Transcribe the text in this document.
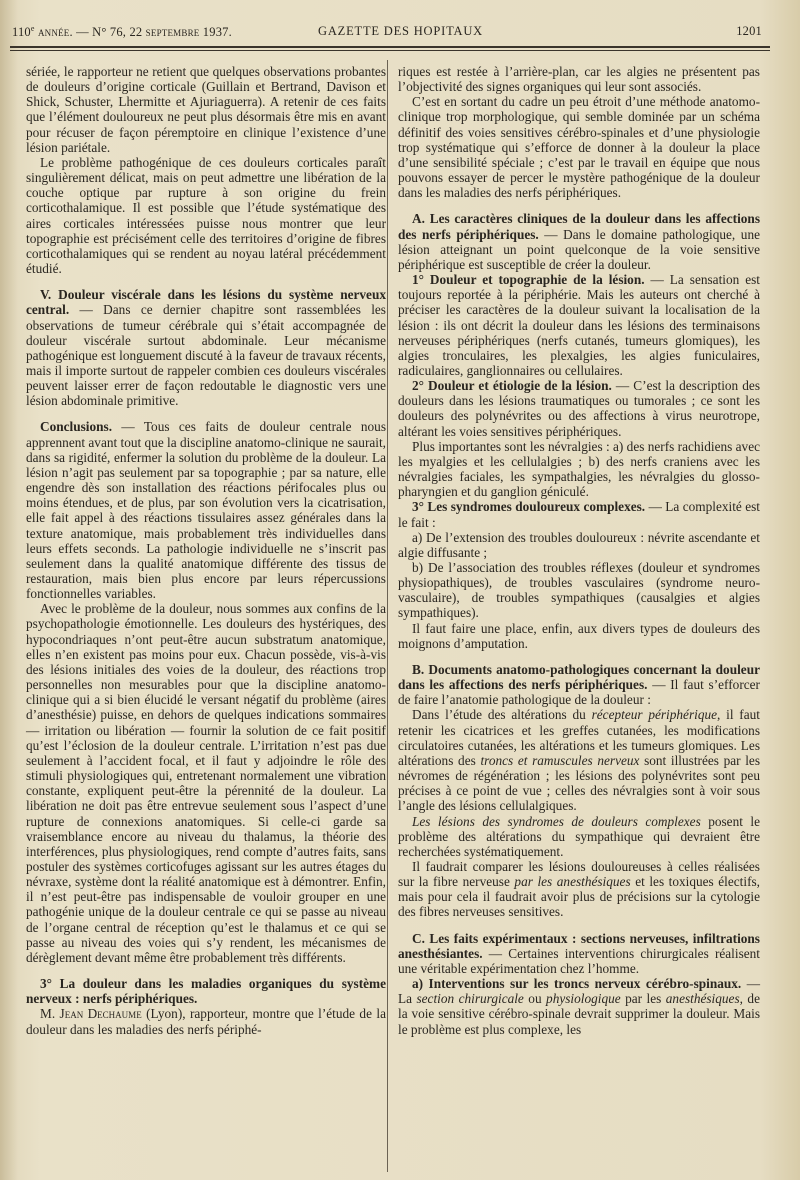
110e année. — N° 76, 22 septembre 1937.	GAZETTE DES HOPITAUX	1201

sériée, le rapporteur ne retient que quelques observations probantes de douleurs d’origine corticale (Guillain et Bertrand, Davison et Shick, Schuster, Lhermitte et Ajuriaguerra). A retenir de ces faits que l’élément douloureux ne peut plus désormais être mis en avant pour récuser de façon péremptoire en clinique l’existence d’une lésion pariétale.

Le problème pathogénique de ces douleurs corticales paraît singulièrement délicat, mais on peut admettre une libération de la couche optique par rupture à son origine du frein corticothalamique. Il est possible que l’étude systématique des aires corticales intéressées puisse nous montrer que leur topographie est précisément celle des territoires d’origine de fibres corticothalamiques qui se rendent au noyau latéral précédemment étudié.

V. Douleur viscérale dans les lésions du système nerveux central. — Dans ce dernier chapitre sont rassemblées les observations de tumeur cérébrale qui s’était accompagnée de douleur viscérale surtout abdominale. Leur mécanisme pathogénique est longuement discuté à la faveur de travaux récents, mais il importe surtout de rappeler combien ces douleurs viscérales peuvent laisser errer de façon redoutable le diagnostic vers une lésion abdominale primitive.

Conclusions. — Tous ces faits de douleur centrale nous apprennent avant tout que la discipline anatomo-clinique ne saurait, dans sa rigidité, enfermer la solution du problème de la douleur. La lésion n’agit pas seulement par sa topographie ; par sa nature, elle engendre dès son installation des réactions périfocales plus ou moins étendues, et de plus, par son évolution vers la cicatrisation, elle fait appel à des réactions tissulaires assez générales dans la texture anatomique, mais probablement très individuelles dans leurs effets seconds. La pathologie individuelle ne s’inscrit pas seulement dans la qualité anatomique différente des tissus de restauration, mais bien plus encore par leurs répercussions fonctionnelles variables.

Avec le problème de la douleur, nous sommes aux confins de la psychopathologie émotionnelle. Les douleurs des hystériques, des hypocondriaques n’ont peut-être aucun substratum anatomique, elles n’en existent pas moins pour eux. Chacun possède, vis-à-vis des lésions initiales des voies de la douleur, des réactions trop personnelles non mesurables pour que la discipline anatomo-clinique qui a si bien élucidé le versant négatif du problème (aires d’anesthésie) puisse, en dehors de quelques indications sommaires — irritation ou libération — fournir la solution de ce fait positif qu’est l’éclosion de la douleur centrale. L’irritation n’est pas due seulement à l’accident focal, et il faut y adjoindre le rôle des stimuli physiologiques qui, entretenant normalement une vibration constante, expliquent peut-être la pérennité de la douleur. La libération ne doit pas être entrevue seulement sous l’aspect d’une rupture de connexions anatomiques. Si celle-ci garde sa vraisemblance encore au niveau du thalamus, la théorie des interférences, plus physiologiques, rend compte d’autres faits, sans postuler des systèmes corticofuges agissant sur les autres étages du névraxe, système dont la réalité anatomique est à démontrer. Enfin, il n’est peut-être pas indispensable de vouloir grouper en une pathogénie unique de la douleur centrale ce qui se passe au niveau de l’organe central de réception qu’est le thalamus et ce qui se passe au niveau des voies qui s’y rendent, les mécanismes de dérèglement devant même être probablement très différents.

3° La douleur dans les maladies organiques du système nerveux : nerfs périphériques.

M. Jean Dechaume (Lyon), rapporteur, montre que l’étude de la douleur dans les maladies des nerfs périphé-

riques est restée à l’arrière-plan, car les algies ne présentent pas l’objectivité des signes organiques qui leur sont associés.

C’est en sortant du cadre un peu étroit d’une méthode anatomo-clinique trop morphologique, qui semble dominée par un schéma définitif des voies sensitives cérébro-spinales et d’une physiologie trop systématique qui s’efforce de donner à la douleur la place d’une sensibilité spéciale ; c’est par le travail en équipe que nous pouvons essayer de percer le mystère pathogénique de la douleur dans les maladies des nerfs périphériques.

A. Les caractères cliniques de la douleur dans les affections des nerfs périphériques. — Dans le domaine pathologique, une lésion atteignant un point quelconque de la voie sensitive périphérique est susceptible de créer la douleur.

1° Douleur et topographie de la lésion. — La sensation est toujours reportée à la périphérie. Mais les auteurs ont cherché à préciser les caractères de la douleur suivant la localisation de la lésion : ils ont décrit la douleur dans les lésions des terminaisons nerveuses périphériques (nerfs cutanés, tumeurs glomiques), les algies tronculaires, les plexalgies, les algies funiculaires, radiculaires, ganglionnaires ou cellulaires.

2° Douleur et étiologie de la lésion. — C’est la description des douleurs dans les lésions traumatiques ou tumorales ; ce sont les douleurs des polynévrites ou des affections à virus neurotrope, altérant les voies sensitives périphériques.

Plus importantes sont les névralgies : a) des nerfs rachidiens avec les myalgies et les cellulalgies ; b) des nerfs craniens avec les névralgies faciales, les sympathalgies, les névralgies du glosso-pharyngien et du ganglion géniculé.

3° Les syndromes douloureux complexes. — La complexité est le fait :

a) De l’extension des troubles douloureux : névrite ascendante et algie diffusante ;

b) De l’association des troubles réflexes (douleur et syndromes physiopathiques), de troubles vasculaires (syndrome neuro-vasculaire), de troubles sympathiques (causalgies et algies sympathiques).

Il faut faire une place, enfin, aux divers types de douleurs des moignons d’amputation.

B. Documents anatomo-pathologiques concernant la douleur dans les affections des nerfs périphériques. — Il faut s’efforcer de faire l’anatomie pathologique de la douleur :

Dans l’étude des altérations du récepteur périphérique, il faut retenir les cicatrices et les greffes cutanées, les modifications circulatoires cutanées, les altérations et les tumeurs glomiques. Les altérations des troncs et ramuscules nerveux sont illustrées par les névromes de régénération ; les lésions des polynévrites sont peu précises à ce point de vue ; celles des névralgies sont à voir sous l’angle des lésions cellulalgiques.

Les lésions des syndromes de douleurs complexes posent le problème des altérations du sympathique qui devraient être recherchées systématiquement.

Il faudrait comparer les lésions douloureuses à celles réalisées sur la fibre nerveuse par les anesthésiques et les toxiques électifs, mais pour cela il faudrait avoir plus de précisions sur la cytologie des fibres nerveuses sensitives.

C. Les faits expérimentaux : sections nerveuses, infiltrations anesthésiantes. — Certaines interventions chirurgicales réalisent une véritable expérimentation chez l’homme.

a) Interventions sur les troncs nerveux cérébro-spinaux. — La section chirurgicale ou physiologique par les anesthésiques, de la voie sensitive cérébro-spinale devrait supprimer la douleur. Mais le problème est plus complexe, les
